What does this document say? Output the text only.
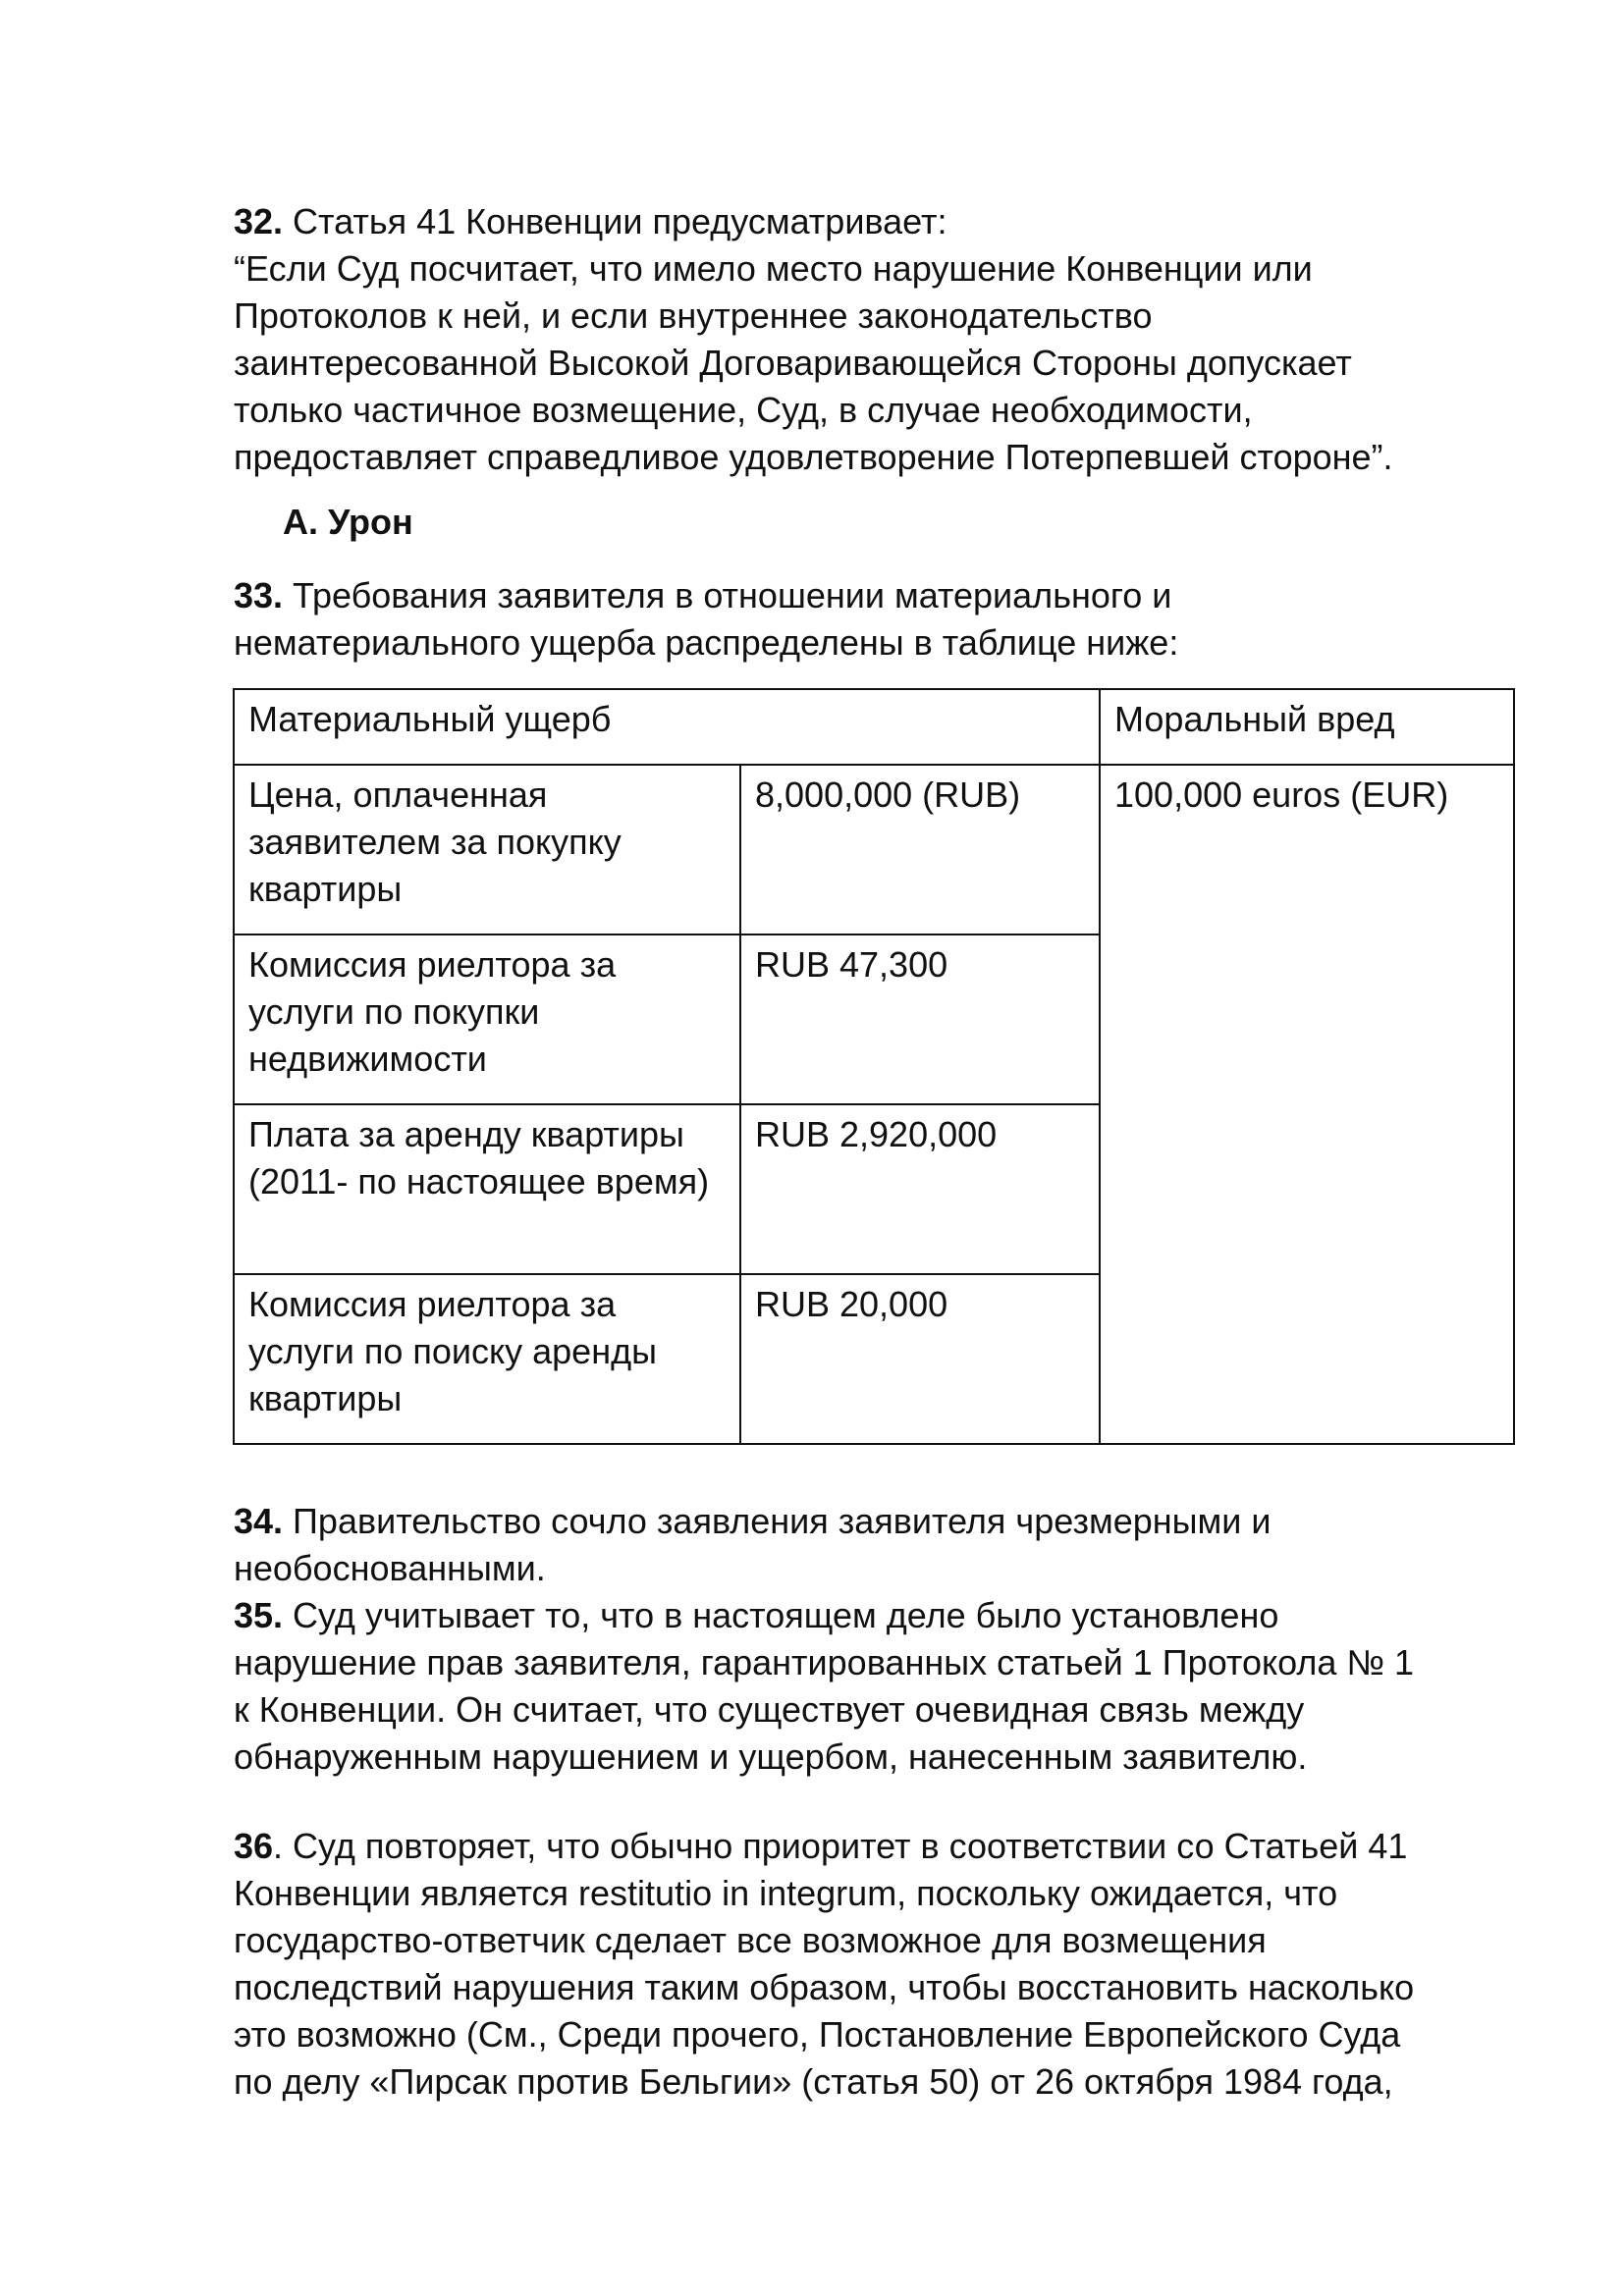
32. Статья 41 Конвенции предусматривает:
“Если Суд посчитает, что имело место нарушение Конвенции или
Протоколов к ней, и если внутреннее законодательство
заинтересованной Высокой Договаривающейся Стороны допускает
только частичное возмещение, Суд, в случае необходимости,
предоставляет справедливое удовлетворение Потерпевшей стороне”.
A. Урон
33. Требования заявителя в отношении материального и
нематериального ущерба распределены в таблице ниже:
Материальный ущерб		Моральный вред
Цена, оплаченная заявителем за покупку квартиры	8,000,000 (RUB)	100,000 euros (EUR)
Комиссия риелтора за услуги по покупки недвижимости	RUB 47,300	
Плата за аренду квартиры (2011- по настоящее время)	RUB 2,920,000	
Комиссия риелтора за услуги по поиску аренды квартиры	RUB 20,000	
34. Правительство сочло заявления заявителя чрезмерными и
необоснованными.
35. Суд учитывает то, что в настоящем деле было установлено
нарушение прав заявителя, гарантированных статьей 1 Протокола № 1
к Конвенции. Он считает, что существует очевидная связь между
обнаруженным нарушением и ущербом, нанесенным заявителю.
36. Суд повторяет, что обычно приоритет в соответствии со Статьей 41
Конвенции является restitutio in integrum, поскольку ожидается, что
государство-ответчик сделает все возможное для возмещения
последствий нарушения таким образом, чтобы восстановить насколько
это возможно (См., Среди прочего, Постановление Европейского Суда
по делу «Пирсак против Бельгии» (статья 50) от 26 октября 1984 года,
